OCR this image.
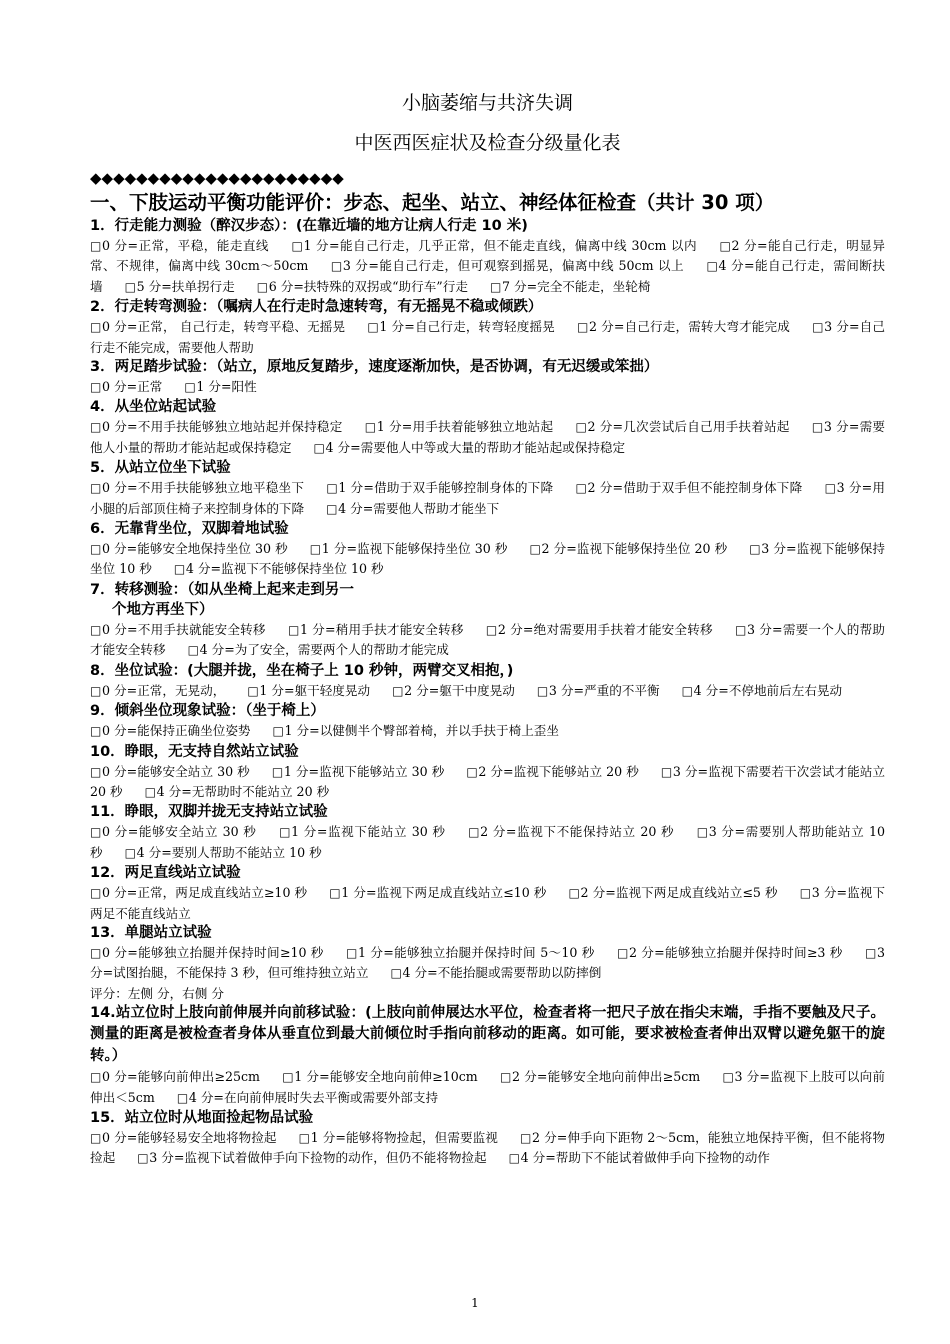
小脑萎缩与共济失调
中医西医症状及检查分级量化表
◆◆◆◆◆◆◆◆◆◆◆◆◆◆◆◆◆◆◆◆◆◆
一、下肢运动平衡功能评价：步态、起坐、站立、神经体征检查（共计 30 项）
1．行走能力测验（醉汉步态）：(在靠近墙的地方让病人行走 10 米)
□0 分=正常，平稳，能走直线 □1 分=能自己行走，几乎正常，但不能走直线，偏离中线 30cm 以内 □2 分=能自己行走，明显异常、不规律，偏离中线 30cm～50cm □3 分=能自己行走，但可观察到摇晃，偏离中线 50cm 以上 □4 分=能自己行走，需间断扶墙 □5 分=扶单拐行走 □6 分=扶特殊的双拐或“助行车”行走 □7 分=完全不能走，坐轮椅
2．行走转弯测验：（嘱病人在行走时急速转弯，有无摇晃不稳或倾跌）
□0 分=正常， 自己行走，转弯平稳、无摇晃 □1 分=自己行走，转弯轻度摇晃 □2 分=自己行走，需转大弯才能完成 □3 分=自己行走不能完成，需要他人帮助
3．两足踏步试验：（站立，原地反复踏步，速度逐渐加快，是否协调，有无迟缓或笨拙）
□0 分=正常 □1 分=阳性
4．从坐位站起试验
□0 分=不用手扶能够独立地站起并保持稳定 □1 分=用手扶着能够独立地站起 □2 分=几次尝试后自己用手扶着站起 □3 分=需要他人小量的帮助才能站起或保持稳定 □4 分=需要他人中等或大量的帮助才能站起或保持稳定
5．从站立位坐下试验
□0 分=不用手扶能够独立地平稳坐下 □1 分=借助于双手能够控制身体的下降 □2 分=借助于双手但不能控制身体下降 □3 分=用小腿的后部顶住椅子来控制身体的下降 □4 分=需要他人帮助才能坐下
6．无靠背坐位，双脚着地试验
□0 分=能够安全地保持坐位 30 秒 □1 分=监视下能够保持坐位 30 秒 □2 分=监视下能够保持坐位 20 秒 □3 分=监视下能够保持坐位 10 秒 □4 分=监视下不能够保持坐位 10 秒
7．转移测验：（如从坐椅上起来走到另一
个地方再坐下）
□0 分=不用手扶就能安全转移 □1 分=稍用手扶才能安全转移 □2 分=绝对需要用手扶着才能安全转移 □3 分=需要一个人的帮助才能安全转移 □4 分=为了安全，需要两个人的帮助才能完成
8．坐位试验：(大腿并拢，坐在椅子上 10 秒钟，两臂交叉相抱，)
□0 分=正常，无晃动， □1 分=躯干轻度晃动 □2 分=躯干中度晃动 □3 分=严重的不平衡 □4 分=不停地前后左右晃动
9．倾斜坐位现象试验：（坐于椅上）
□0 分=能保持正确坐位姿势 □1 分=以健侧半个臀部着椅，并以手扶于椅上歪坐
10．睁眼，无支持自然站立试验
□0 分=能够安全站立 30 秒 □1 分=监视下能够站立 30 秒 □2 分=监视下能够站立 20 秒 □3 分=监视下需要若干次尝试才能站立 20 秒 □4 分=无帮助时不能站立 20 秒
11．睁眼，双脚并拢无支持站立试验
□0 分=能够安全站立 30 秒 □1 分=监视下能站立 30 秒 □2 分=监视下不能保持站立 20 秒 □3 分=需要别人帮助能站立 10 秒 □4 分=要别人帮助不能站立 10 秒
12．两足直线站立试验
□0 分=正常，两足成直线站立≥10 秒 □1 分=监视下两足成直线站立≤10 秒 □2 分=监视下两足成直线站立≤5 秒 □3 分=监视下两足不能直线站立
13．单腿站立试验
□0 分=能够独立抬腿并保持时间≥10 秒 □1 分=能够独立抬腿并保持时间 5～10 秒 □2 分=能够独立抬腿并保持时间≥3 秒 □3 分=试图抬腿，不能保持 3 秒，但可维持独立站立 □4 分=不能抬腿或需要帮助以防摔倒
评分：左侧 分，右侧 分
14.站立位时上肢向前伸展并向前移试验：(上肢向前伸展达水平位，检查者将一把尺子放在指尖末端，手指不要触及尺子。测量的距离是被检查者身体从垂直位到最大前倾位时手指向前移动的距离。如可能，要求被检查者伸出双臂以避免躯干的旋转。）
□0 分=能够向前伸出≥25cm □1 分=能够安全地向前伸≥10cm □2 分=能够安全地向前伸出≥5cm □3 分=监视下上肢可以向前伸出＜5cm □4 分=在向前伸展时失去平衡或需要外部支持
15．站立位时从地面捡起物品试验
□0 分=能够轻易安全地将物捡起 □1 分=能够将物捡起，但需要监视 □2 分=伸手向下距物 2～5cm，能独立地保持平衡，但不能将物捡起 □3 分=监视下试着做伸手向下捡物的动作，但仍不能将物捡起 □4 分=帮助下不能试着做伸手向下捡物的动作
1
